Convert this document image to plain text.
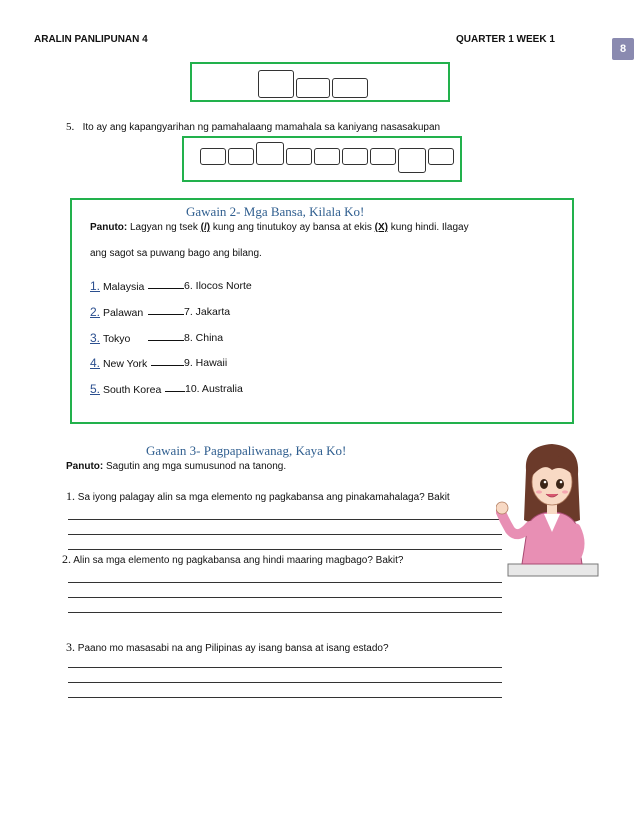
ARALIN PANLIPUNAN 4	QUARTER 1 WEEK 1
8
5. Ito ay ang kapangyarihan ng pamahalaang mamahala sa kaniyang nasasakupan
Gawain 2- Mga Bansa, Kilala Ko!
Panuto: Lagyan ng tsek (/) kung ang tinutukoy ay bansa at ekis (X) kung hindi. Ilagay
ang sagot sa puwang bago ang bilang.
1. Malaysia	6. Ilocos Norte
2. Palawan	7. Jakarta
3. Tokyo	8. China
4. New York	9. Hawaii
5. South Korea	10. Australia
Gawain 3- Pagpapaliwanag, Kaya Ko!
Panuto: Sagutin ang mga sumusunod na tanong.
1. Sa iyong palagay alin sa mga elemento ng pagkabansa ang pinakamahalaga? Bakit
2. Alin sa mga elemento ng pagkabansa ang hindi maaring magbago? Bakit?
3. Paano mo masasabi na ang Pilipinas ay isang bansa at isang estado?
